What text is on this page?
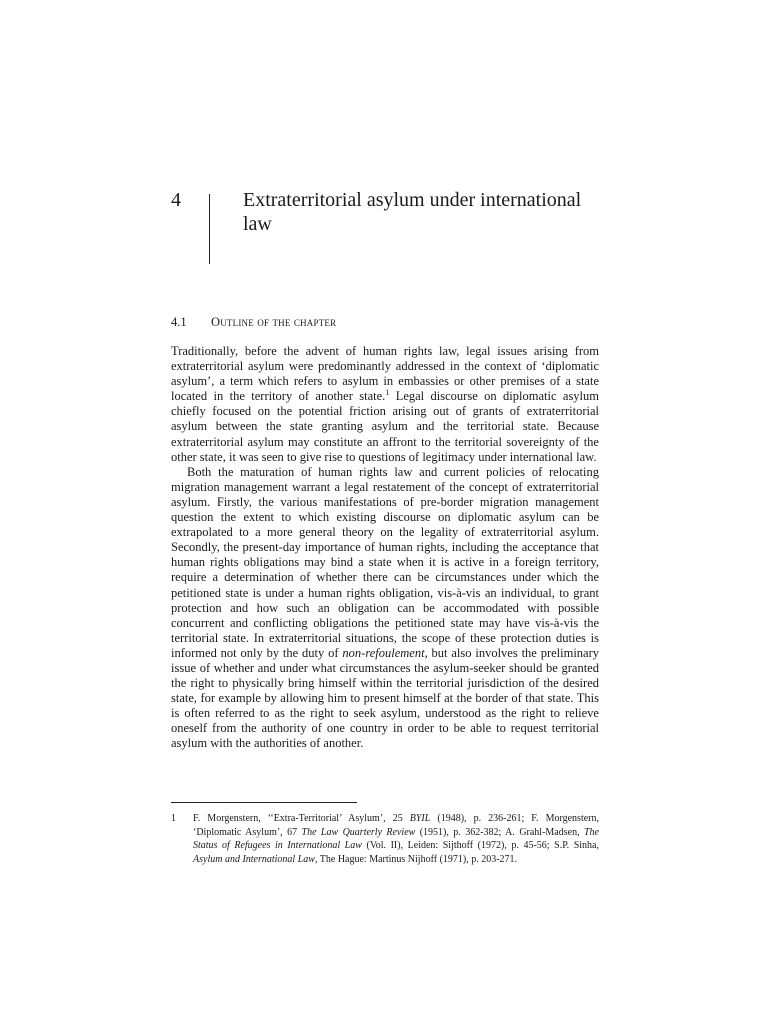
4	Extraterritorial asylum under international law
4.1 Outline of the chapter

Traditionally, before the advent of human rights law, legal issues arising from extraterritorial asylum were predominantly addressed in the context of ‘diplomatic asylum’, a term which refers to asylum in embassies or other premises of a state located in the territory of another state.$^1$ Legal discourse on diplomatic asylum chiefly focused on the potential friction arising out of grants of extraterritorial asylum between the state granting asylum and the territorial state. Because extraterritorial asylum may constitute an affront to the territorial sovereignty of the other state, it was seen to give rise to questions of legitimacy under international law.

Both the maturation of human rights law and current policies of relocating migration management warrant a legal restatement of the concept of extraterritorial asylum. Firstly, the various manifestations of pre-border migration management question the extent to which existing discourse on diplomatic asylum can be extrapolated to a more general theory on the legality of extraterritorial asylum. Secondly, the present-day importance of human rights, including the acceptance that human rights obligations may bind a state when it is active in a foreign territory, require a determination of whether there can be circumstances under which the petitioned state is under a human rights obligation, vis-à-vis an individual, to grant protection and how such an obligation can be accommodated with possible concurrent and conflicting obligations the petitioned state may have vis-à-vis the territorial state. In extraterritorial situations, the scope of these protection duties is informed not only by the duty of non-refoulement, but also involves the preliminary issue of whether and under what circumstances the asylum-seeker should be granted the right to physically bring himself within the territorial jurisdiction of the desired state, for example by allowing him to present himself at the border of that state. This is often referred to as the right to seek asylum, understood as the right to relieve oneself from the authority of one country in order to be able to request territorial asylum with the authorities of another.

1 F. Morgenstern, ‘‘Extra-Territorial’ Asylum’, 25 BYIL (1948), p. 236-261; F. Morgenstern, ‘Diplomatic Asylum’, 67 The Law Quarterly Review (1951), p. 362-382; A. Grahl-Madsen, The Status of Refugees in International Law (Vol. II), Leiden: Sijthoff (1972), p. 45-56; S.P. Sinha, Asylum and International Law, The Hague: Martinus Nijhoff (1971), p. 203-271.
